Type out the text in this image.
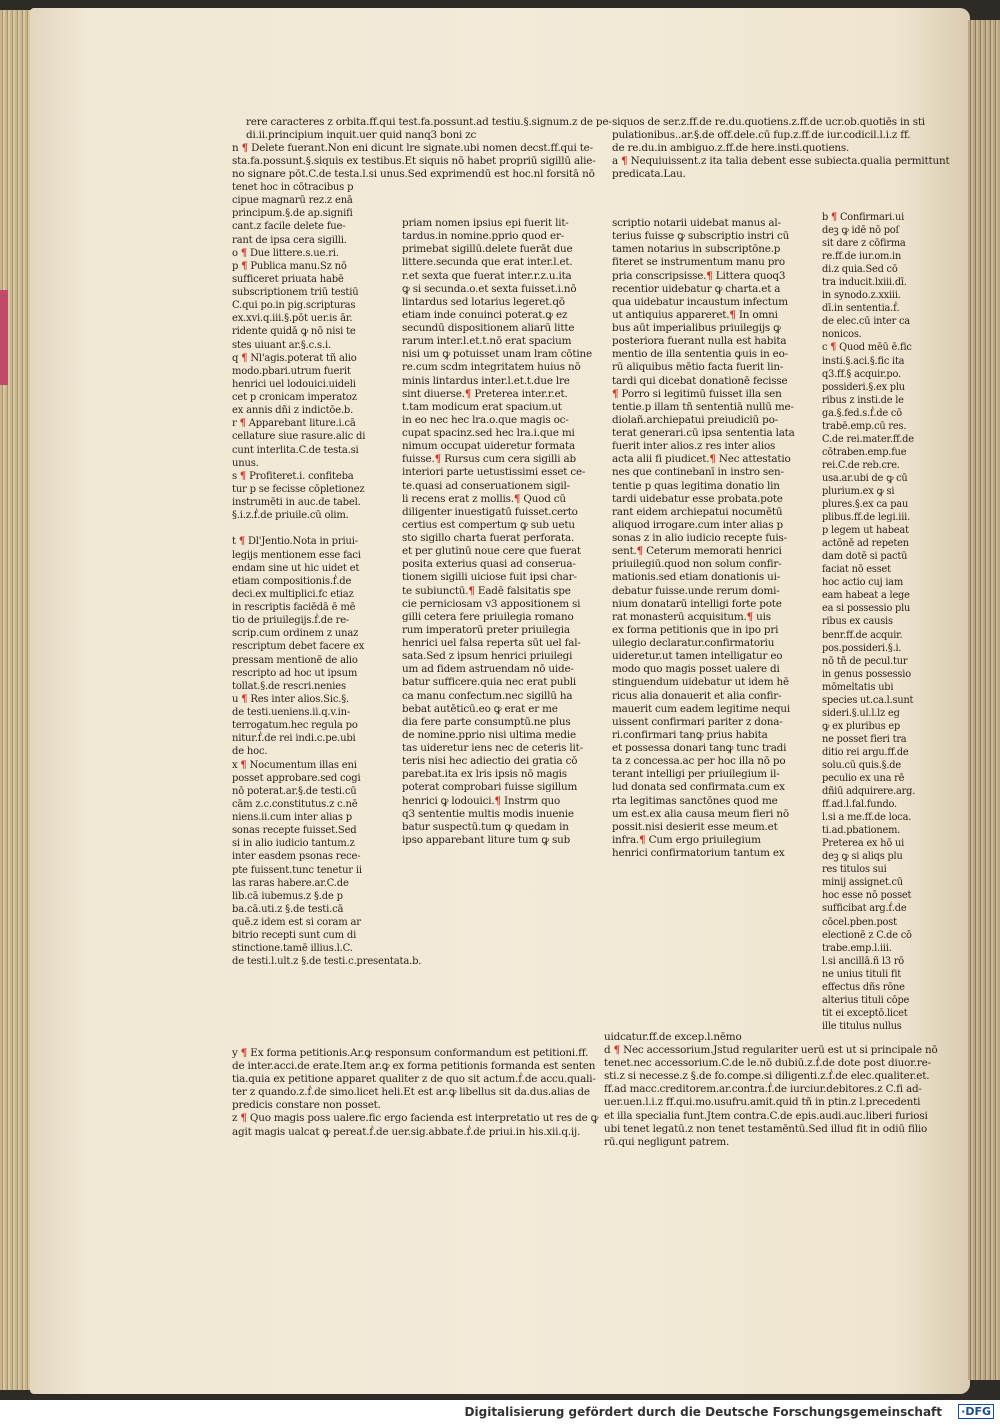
rere caracteres z orbita.ff.qui test.fa.possunt.ad testiu.§.signum.z de pe-
di.ii.principium inquit.uer quid nanq3 boni zc
n ¶ Delete fuerant.Non eni dicunt lre signate.ubi nomen decst.ff.qui te-
sta.fa.possunt.§.siquis ex testibus.Et siquis nō habet propriū sigillū alie-
no signare pōt.C.de testa.l.si unus.Sed exprimendū est hoc.nl forsitā nō
tenet hoc in cōtracibus p
cipue magnarū rez.z enā
principum.§.de ap.signifi
cant.z facile delete fue-
rant de ipsa cera sigilli.
o ¶ Due littere.s.ue.ri.
p ¶ Publica manu.Sz nō
sufficeret priuata habē
subscriptionem triū testiū
C.qui po.in pig.scripturas
ex.xvi.q.iii.§.pōt uer.is ār.
ridente quidā ꝙ nō nisi te
stes uiuant ar.§.c.s.i.
q ¶ Nl'agis.poterat tñ alio
modo.pbari.utrum fuerit
henrici uel lodouici.uideli
cet p cronicam imperatoz
ex annis dñi z indictōe.b.
r ¶ Apparebant liture.i.cā
cellature siue rasure.alic di
cunt interlita.C.de testa.si
unus.
s ¶ Profiteret.i. confiteba
tur p se fecisse cōpletionez
instrumēti in auc.de tabel.
§.i.z.ḟ.de priuile.cū olim.

t ¶ Dl'Jentio.Nota in priui-
legijs mentionem esse faci
endam sine ut hic uidet et
etiam compositionis.ḟ.de
deci.ex multiplici.fc etiaz
in rescriptis faciēdā ē mē
tio de priuilegijs.ḟ.de re-
scrip.cum ordinem z unaz
rescriptum debet facere ex
pressam mentionē de alio
rescripto ad hoc ut ipsum
tollat.§.de rescri.nenies
u ¶ Res inter alios.Sic.§.
de testi.ueniens.ii.q.v.in-
terrogatum.hec regula po
nitur.ḟ.de rei indi.c.pe.ubi
de hoc.
x ¶ Nocumentum illas eni
posset approbare.sed cogi
nō poterat.ar.§.de testi.cū
cām z.c.constitutus.z c.nē
niens.ii.cum inter alias p
sonas recepte fuisset.Sed
si in alio iudicio tantum.z
inter easdem psonas rece-
pte fuissent.tunc tenetur ii
las raras habere.ar.C.de
lib.cā iubemus.z §.de p
ba.cā.uti.z §.de testi.cā
quē.z idem est si coram ar
bitrio recepti sunt cum di
stinctione.tamē illius.l.C.
de testi.l.ult.z §.de testi.c.presentata.b.
priam nomen ipsius epi fuerit lit-
tardus.in nomine.pprio quod er-
primebat sigillū.delete fuerāt due
littere.secunda que erat inter.l.et.
r.et sexta que fuerat inter.r.z.u.ita
ꝙ si secunda.o.et sexta fuisset.i.nō
lintardus sed lotarius legeret.qō
etiam inde conuinci poterat.ꝙ ez
secundū dispositionem aliarū litte
rarum inter.l.et.t.nō erat spacium
nisi um ꝙ potuisset unam lram cōtine
re.cum scdm integritatem huius nō
minis lintardus inter.l.et.t.due lre
sint diuerse.¶ Preterea inter.r.et.
t.tam modicum erat spacium.ut
in eo nec hec lra.o.que magis oc-
cupat spacinz.sed hec lra.i.que mi
nimum occupat uideretur formata
fuisse.¶ Rursus cum cera sigilli ab
interiori parte uetustissimi esset ce-
te.quasi ad conseruationem sigil-
li recens erat z mollis.¶ Quod cū
diligenter inuestigatū fuisset.certo
certius est compertum ꝙ sub uetu
sto sigillo charta fuerat perforata.
et per glutinū noue cere que fuerat
posita exterius quasi ad conserua-
tionem sigilli uiciose fuit ipsi char-
te subiunctū.¶ Eadē falsitatis spe
cie perniciosam v3 appositionem si
gilli cetera fere priuilegia romano
rum imperatorū preter priuilegia
henrici uel falsa reperta sūt uel fal-
sata.Sed z ipsum henrici priuilegi
um ad fidem astruendam nō uide-
batur sufficere.quia nec erat publi
ca manu confectum.nec sigillū ha
bebat autēticū.eo ꝙ erat er me
dia fere parte consumptū.ne plus
de nomine.pprio nisi ultima medie
tas uideretur iens nec de ceteris lit-
teris nisi hec adiectio dei gratia cō
parebat.ita ex lris ipsis nō magis
poterat comprobari fuisse sigillum
henrici ꝙ lodouici.¶ Instrm quo
q3 sententie multis modis inuenie
batur suspectū.tum ꝙ quedam in
ipso apparebant liture tum ꝙ sub
siquos de ser.z.ff.de re.du.quotiens.z.ff.de ucr.ob.quotiēs in sti
pulationibus..ar.§.de off.dele.cū fup.z.ff.de iur.codicil.l.i.z ff.
de re.du.in ambiguo.z.ff.de here.insti.quotiens.
a ¶ Nequiuissent.z ita talia debent esse subiecta.qualia permittunt
predicata.Lau.
scriptio notarii uidebat manus al-
terius fuisse ꝙ subscriptio instri cū
tamen notarius in subscriptōne.p
fiteret se instrumentum manu pro
pria conscripsisse.¶ Littera quoq3
recentior uidebatur ꝙ charta.et a
qua uidebatur incaustum infectum
ut antiquius appareret.¶ In omni
bus aūt imperialibus priuilegijs ꝙ
posteriora fuerant nulla est habita
mentio de illa sententia ꝙuis in eo-
rū aliquibus mētio facta fuerit lin-
tardi qui dicebat donationē fecisse
¶ Porro si legitimū fuisset illa sen
tentie.p illam tñ sententiā nullū me-
diolañ.archiepatui preiudiciū po-
terat generari.cū ipsa sententia lata
fuerit inter alios.z res inter alios
acta alii fi piudicet.¶ Nec attestatio
nes que continebanī in instro sen-
tentie p quas legitima donatio lin
tardi uidebatur esse probata.pote
rant eidem archiepatui nocumētū
aliquod irrogare.cum inter alias p
sonas z in alio iudicio recepte fuis-
sent.¶ Ceterum memorati henrici
priuilegiū.quod non solum confir-
mationis.sed etiam donationis ui-
debatur fuisse.unde rerum domi-
nium donatarū intelligi forte pote
rat monasterū acquisitum.¶ uis
ex forma petitionis que in ipo pri
uilegio declaratur.confirmatoriu
uideretur.ut tamen intelligatur eo
modo quo magis posset ualere di
stinguendum uidebatur ut idem hē
ricus alia donauerit et alia confir-
mauerit cum eadem legitime nequi
uissent confirmari pariter z dona-
ri.confirmari tanꝙ prius habita
et possessa donari tanꝙ tunc tradi
ta z concessa.ac per hoc illa nō po
terant intelligi per priuilegium il-
lud donata sed confirmata.cum ex
rta legitimas sanctōnes quod me
um est.ex alia causa meum fieri nō
possit.nisi desierit esse meum.et
infra.¶ Cum ergo priuilegium
henrici confirmatorium tantum ex
b ¶ Confirmari.ui
deꝫ ꝙ idē nō poſ
sit dare z cōfirma
re.ff.de iur.om.in
di.z quia.Sed cō
tra inducit.lxiii.dī.
in synodo.z.xxiii.
dī.in sententia.ḟ.
de elec.cū inter ca
nonicos.
c ¶ Quod mēū ē.fic
insti.§.aci.§.fic ita
q3.ff.§ acquir.po.
possideri.§.ex plu
ribus z insti.de le
ga.§.fed.s.ḟ.de cō
trabē.emp.cū res.
C.de rei.mater.ff.de
cōtraben.emp.fue
rei.C.de reb.cre.
usa.ar.ubi de ꝙ cū
plurium.ex ꝙ si
plures.§.ex ca pau
plibus.ff.de legi.iii.
p legem ut habeat
actōnē ad repeten
dam dotē si pactū
faciat nō esset
hoc actio cuj iam
eam habeat a lege
ea si possessio plu
ribus ex causis
benr.ff.de acquir.
pos.possideri.§.i.
nō tñ de pecul.tur
in genus possessio
mōmeltatis ubi
species ut.ca.l.sunt
sideri.§.ul.l.lz eg
ꝙ ex pluribus ep
ne posset fieri tra
ditio rei argu.ff.de
solu.cū quis.§.de
peculio ex una rē
dñiū adquirere.arg.
ff.ad.l.fal.fundo.
l.si a me.ff.de loca.
ti.ad.pbationem.
Preterea ex hō ui
deꝫ ꝙ si aliqs plu
res titulos sui
minij assignet.cū
hoc esse nō posset
sufficibat arg.ḟ.de
cōcel.pben.post
electionē z C.de cō
trabe.emp.l.iii.
l.si ancillā.ñ l3 rō
ne unius tituli fit
effectus dñs rōne
alterius tituli cōpe
tit ei exceptō.licet
ille titulus nullus
y ¶ Ex forma petitionis.Ar.ꝙ responsum conformandum est petitioni.ff.
de inter.acci.de erate.Item ar.ꝙ ex forma petitionis formanda est senten
tia.quia ex petitione apparet qualiter z de quo sit actum.ḟ.de accu.quali-
ter z quando.z.ḟ.de simo.licet heli.Et est ar.ꝙ libellus sit da.dus.alias de
predicis constare non posset.
z ¶ Quo magis poss ualere.fic ergo facienda est interpretatio ut res de ꝙ
agit magis ualcat ꝙ pereat.ḟ.de uer.sig.abbate.ḟ.de priui.in his.xii.q.ij.
uidcatur.ff.de excep.l.nēmo
d ¶ Nec accessorium.Jstud regulariter uerū est ut si principale nō
tenet.nec accessorium.C.de le.nō dubiū.z.ḟ.de dote post diuor.re-
sti.z si necesse.z §.de fo.compe.si diligenti.z.ḟ.de elec.qualiter.et.
ff.ad macc.creditorem.ar.contra.ḟ.de iurciur.debitores.z C.fi ad-
uer.uen.l.i.z ff.qui.mo.usufru.amit.quid tñ in ptin.z l.precedenti
et illa specialia funt.Jtem contra.C.de epis.audi.auc.liberi furiosi
ubi tenet legatū.z non tenet testamēntū.Sed illud fit in odiū filio
rū.qui negligunt patrem.
Digitalisierung gefördert durch die Deutsche Forschungsgemeinschaft ·DFG
